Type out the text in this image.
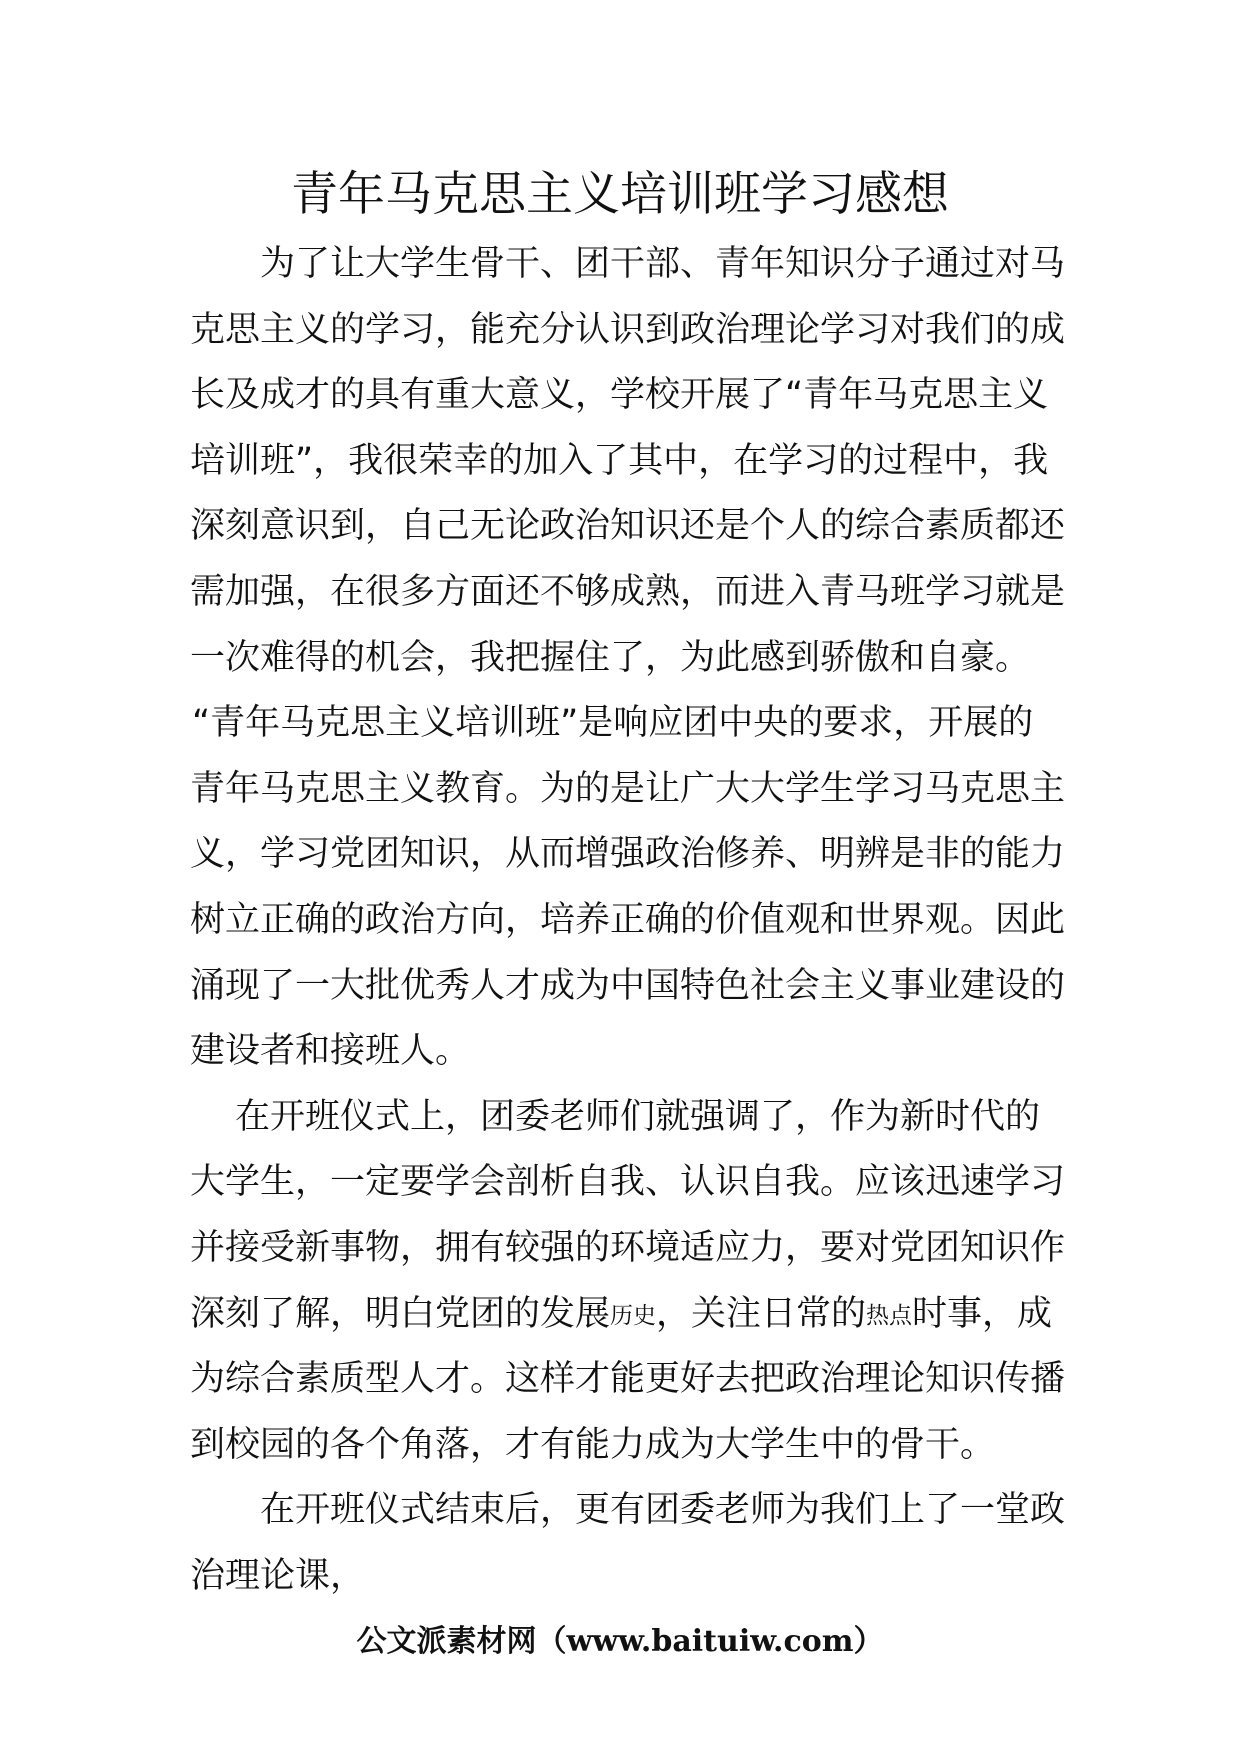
青年马克思主义培训班学习感想
为了让大学生骨干、团干部、青年知识分子通过对马
克思主义的学习，能充分认识到政治理论学习对我们的成
长及成才的具有重大意义，学校开展了“青年马克思主义
培训班”，我很荣幸的加入了其中，在学习的过程中，我
深刻意识到，自己无论政治知识还是个人的综合素质都还
需加强，在很多方面还不够成熟，而进入青马班学习就是
一次难得的机会，我把握住了，为此感到骄傲和自豪。
“青年马克思主义培训班”是响应团中央的要求，开展的
青年马克思主义教育。为的是让广大大学生学习马克思主
义，学习党团知识，从而增强政治修养、明辨是非的能力
树立正确的政治方向，培养正确的价值观和世界观。因此
涌现了一大批优秀人才成为中国特色社会主义事业建设的
建设者和接班人。
在开班仪式上，团委老师们就强调了，作为新时代的
大学生，一定要学会剖析自我、认识自我。应该迅速学习
并接受新事物，拥有较强的环境适应力，要对党团知识作
深刻了解，明白党团的发展历史，关注日常的热点时事，成
为综合素质型人才。这样才能更好去把政治理论知识传播
到校园的各个角落，才有能力成为大学生中的骨干。
在开班仪式结束后，更有团委老师为我们上了一堂政
治理论课，
公文派素材网（www.baituiw.com）
